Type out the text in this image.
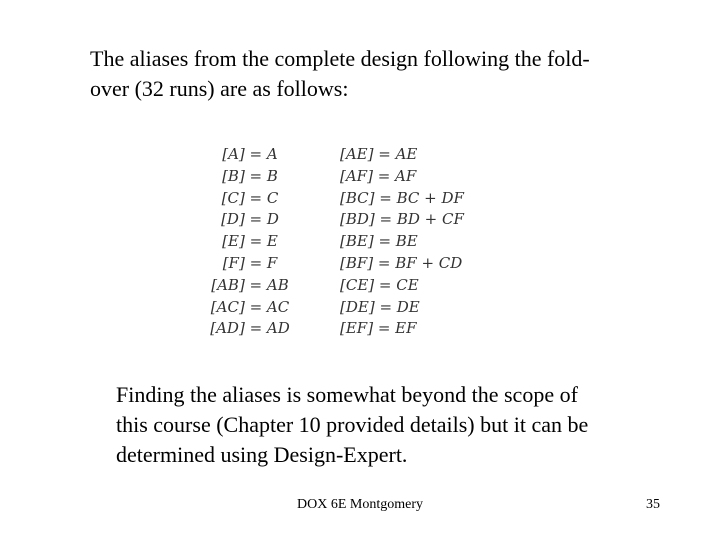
The aliases from the complete design following the fold-
over (32 runs) are as follows:
[A] = A
[B] = B
[C] = C
[D] = D
[E] = E
[F] = F
[AB] = AB
[AC] = AC
[AD] = AD
[AE] = AE
[AF] = AF
[BC] = BC + DF
[BD] = BD + CF
[BE] = BE
[BF] = BF + CD
[CE] = CE
[DE] = DE
[EF] = EF
Finding the aliases is somewhat beyond the scope of
this course (Chapter 10 provided details) but it can be
determined using Design-Expert.
DOX 6E Montgomery	35
